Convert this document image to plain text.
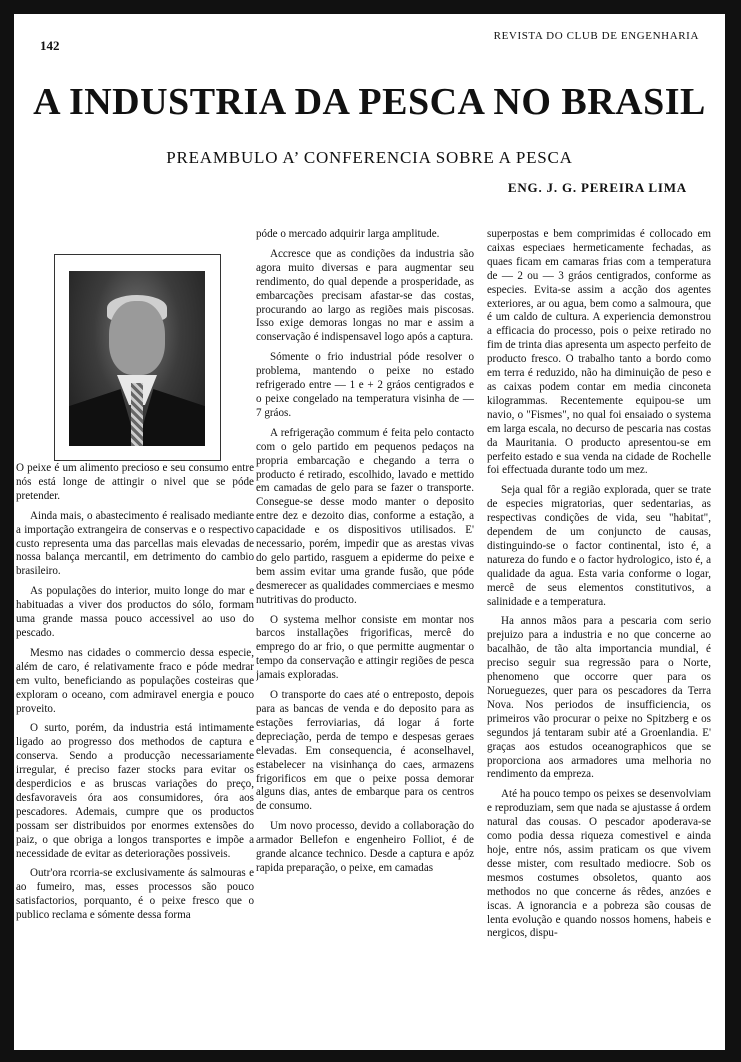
142
REVISTA DO CLUB DE ENGENHARIA
A INDUSTRIA DA PESCA NO BRASIL
PREAMBULO A’ CONFERENCIA SOBRE A PESCA
ENG. J. G. PEREIRA LIMA

O peixe é um alimento precioso e seu consumo entre nós está longe de attingir o nivel que se póde pretender.

Ainda mais, o abastecimento é realisado mediante a importação extrangeira de conservas e o respectivo custo representa uma das parcellas mais elevadas de nossa balança mercantil, em detrimento do cambio brasileiro.

As populações do interior, muito longe do mar e habituadas a viver dos productos do sólo, formam uma grande massa pouco accessivel ao uso do pescado.

Mesmo nas cidades o commercio dessa especie, além de caro, é relativamente fraco e póde medrar em vulto, beneficiando as populações costeiras que exploram o oceano, com admiravel energia e pouco proveito.

O surto, porém, da industria está intimamente ligado ao progresso dos methodos de captura e conserva. Sendo a producção necessariamente irregular, é preciso fazer stocks para evitar os desperdicios e as bruscas variações do preço, desfavoraveis óra aos consumidores, óra aos pescadores. Ademais, cumpre que os productos possam ser distribuidos por enormes extensões do paiz, o que obriga a longos transportes e impõe a necessidade de evitar as deteriorações possiveis.

Outr'ora rcorria-se exclusivamente ás salmouras e ao fumeiro, mas, esses processos são pouco satisfactorios, porquanto, é o peixe fresco que o publico reclama e sómente dessa forma

póde o mercado adquirir larga amplitude.

Accresce que as condições da industria são agora muito diversas e para augmentar seu rendimento, do qual depende a prosperidade, as embarcações precisam afastar-se das costas, procurando ao largo as regiões mais piscosas. Isso exige demoras longas no mar e assim a conservação é indispensavel logo após a captura.

Sómente o frio industrial póde resolver o problema, mantendo o peixe no estado refrigerado entre — 1 e + 2 gráos centigrados e o peixe congelado na temperatura visinha de — 7 gráos.

A refrigeração commum é feita pelo contacto com o gelo partido em pequenos pedaços na propria embarcação e chegando a terra o producto é retirado, escolhido, lavado e mettido em camadas de gelo para se fazer o transporte. Consegue-se desse modo manter o deposito entre dez e dezoito dias, conforme a estação, a capacidade e os dispositivos utilisados. E' necessario, porém, impedir que as arestas vivas do gelo partido, rasguem a epiderme do peixe e bem assim evitar uma grande fusão, que póde desmerecer as qualidades commerciaes e mesmo nutritivas do producto.

O systema melhor consiste em montar nos barcos installações frigorificas, mercê do emprego do ar frio, o que permitte augmentar o tempo da conservação e attingir regiões de pesca jamais exploradas.

O transporte do caes até o entreposto, depois para as bancas de venda e do deposito para as estações ferroviarias, dá logar á forte depreciação, perda de tempo e despesas geraes elevadas. Em consequencia, é aconselhavel, estabelecer na visinhança do caes, armazens frigorificos em que o peixe possa demorar alguns dias, antes de embarque para os centros de consumo.

Um novo processo, devido a collaboração do armador Bellefon e engenheiro Folliot, é de grande alcance technico. Desde a captura e apóz rapida preparação, o peixe, em camadas

superpostas e bem comprimidas é collocado em caixas especiaes hermeticamente fechadas, as quaes ficam em camaras frias com a temperatura de — 2 ou — 3 gráos centigrados, conforme as especies. Evita-se assim a acção dos agentes exteriores, ar ou agua, bem como a salmoura, que é um caldo de cultura. A experiencia demonstrou a efficacia do processo, pois o peixe retirado no fim de trinta dias apresenta um aspecto perfeito de producto fresco. O trabalho tanto a bordo como em terra é reduzido, não ha diminuição de peso e as caixas podem contar em media cinconeta kilogrammas. Recentemente equipou-se um navio, o "Fismes", no qual foi ensaiado o systema em larga escala, no decurso de pescaria nas costas da Mauritania. O producto apresentou-se em perfeito estado e sua venda na cidade de Rochelle foi effectuada durante todo um mez.

Seja qual fôr a região explorada, quer se trate de especies migratorias, quer sedentarias, as respectivas condições de vida, seu "habitat", dependem de um conjuncto de causas, distinguindo-se o factor continental, isto é, a natureza do fundo e o factor hydrologico, isto é, a qualidade da agua. Esta varia conforme o logar, mercê de seus elementos constitutivos, a salinidade e a temperatura.

Ha annos mãos para a pescaria com serio prejuizo para a industria e no que concerne ao bacalhão, de tão alta importancia mundial, é preciso seguir sua regressão para o Norte, phenomeno que occorre quer para os Norueguezes, quer para os pescadores da Terra Nova. Nos periodos de insufficiencia, os primeiros vão procurar o peixe no Spitzberg e os segundos já tentaram subir até a Groenlandia. E' graças aos estudos oceanographicos que se proporciona aos armadores uma melhoria no rendimento da empreza.

Até ha pouco tempo os peixes se desenvolviam e reproduziam, sem que nada se ajustasse á ordem natural das cousas. O pescador apoderava-se como podia dessa riqueza comestivel e ainda hoje, entre nós, assim praticam os que vivem desse mister, com resultado mediocre. Sob os mesmos costumes obsoletos, quanto aos methodos no que concerne ás rêdes, anzóes e iscas. A ignorancia e a pobreza são cousas de lenta evolução e quando nossos homens, habeis e nergicos, dispu-
